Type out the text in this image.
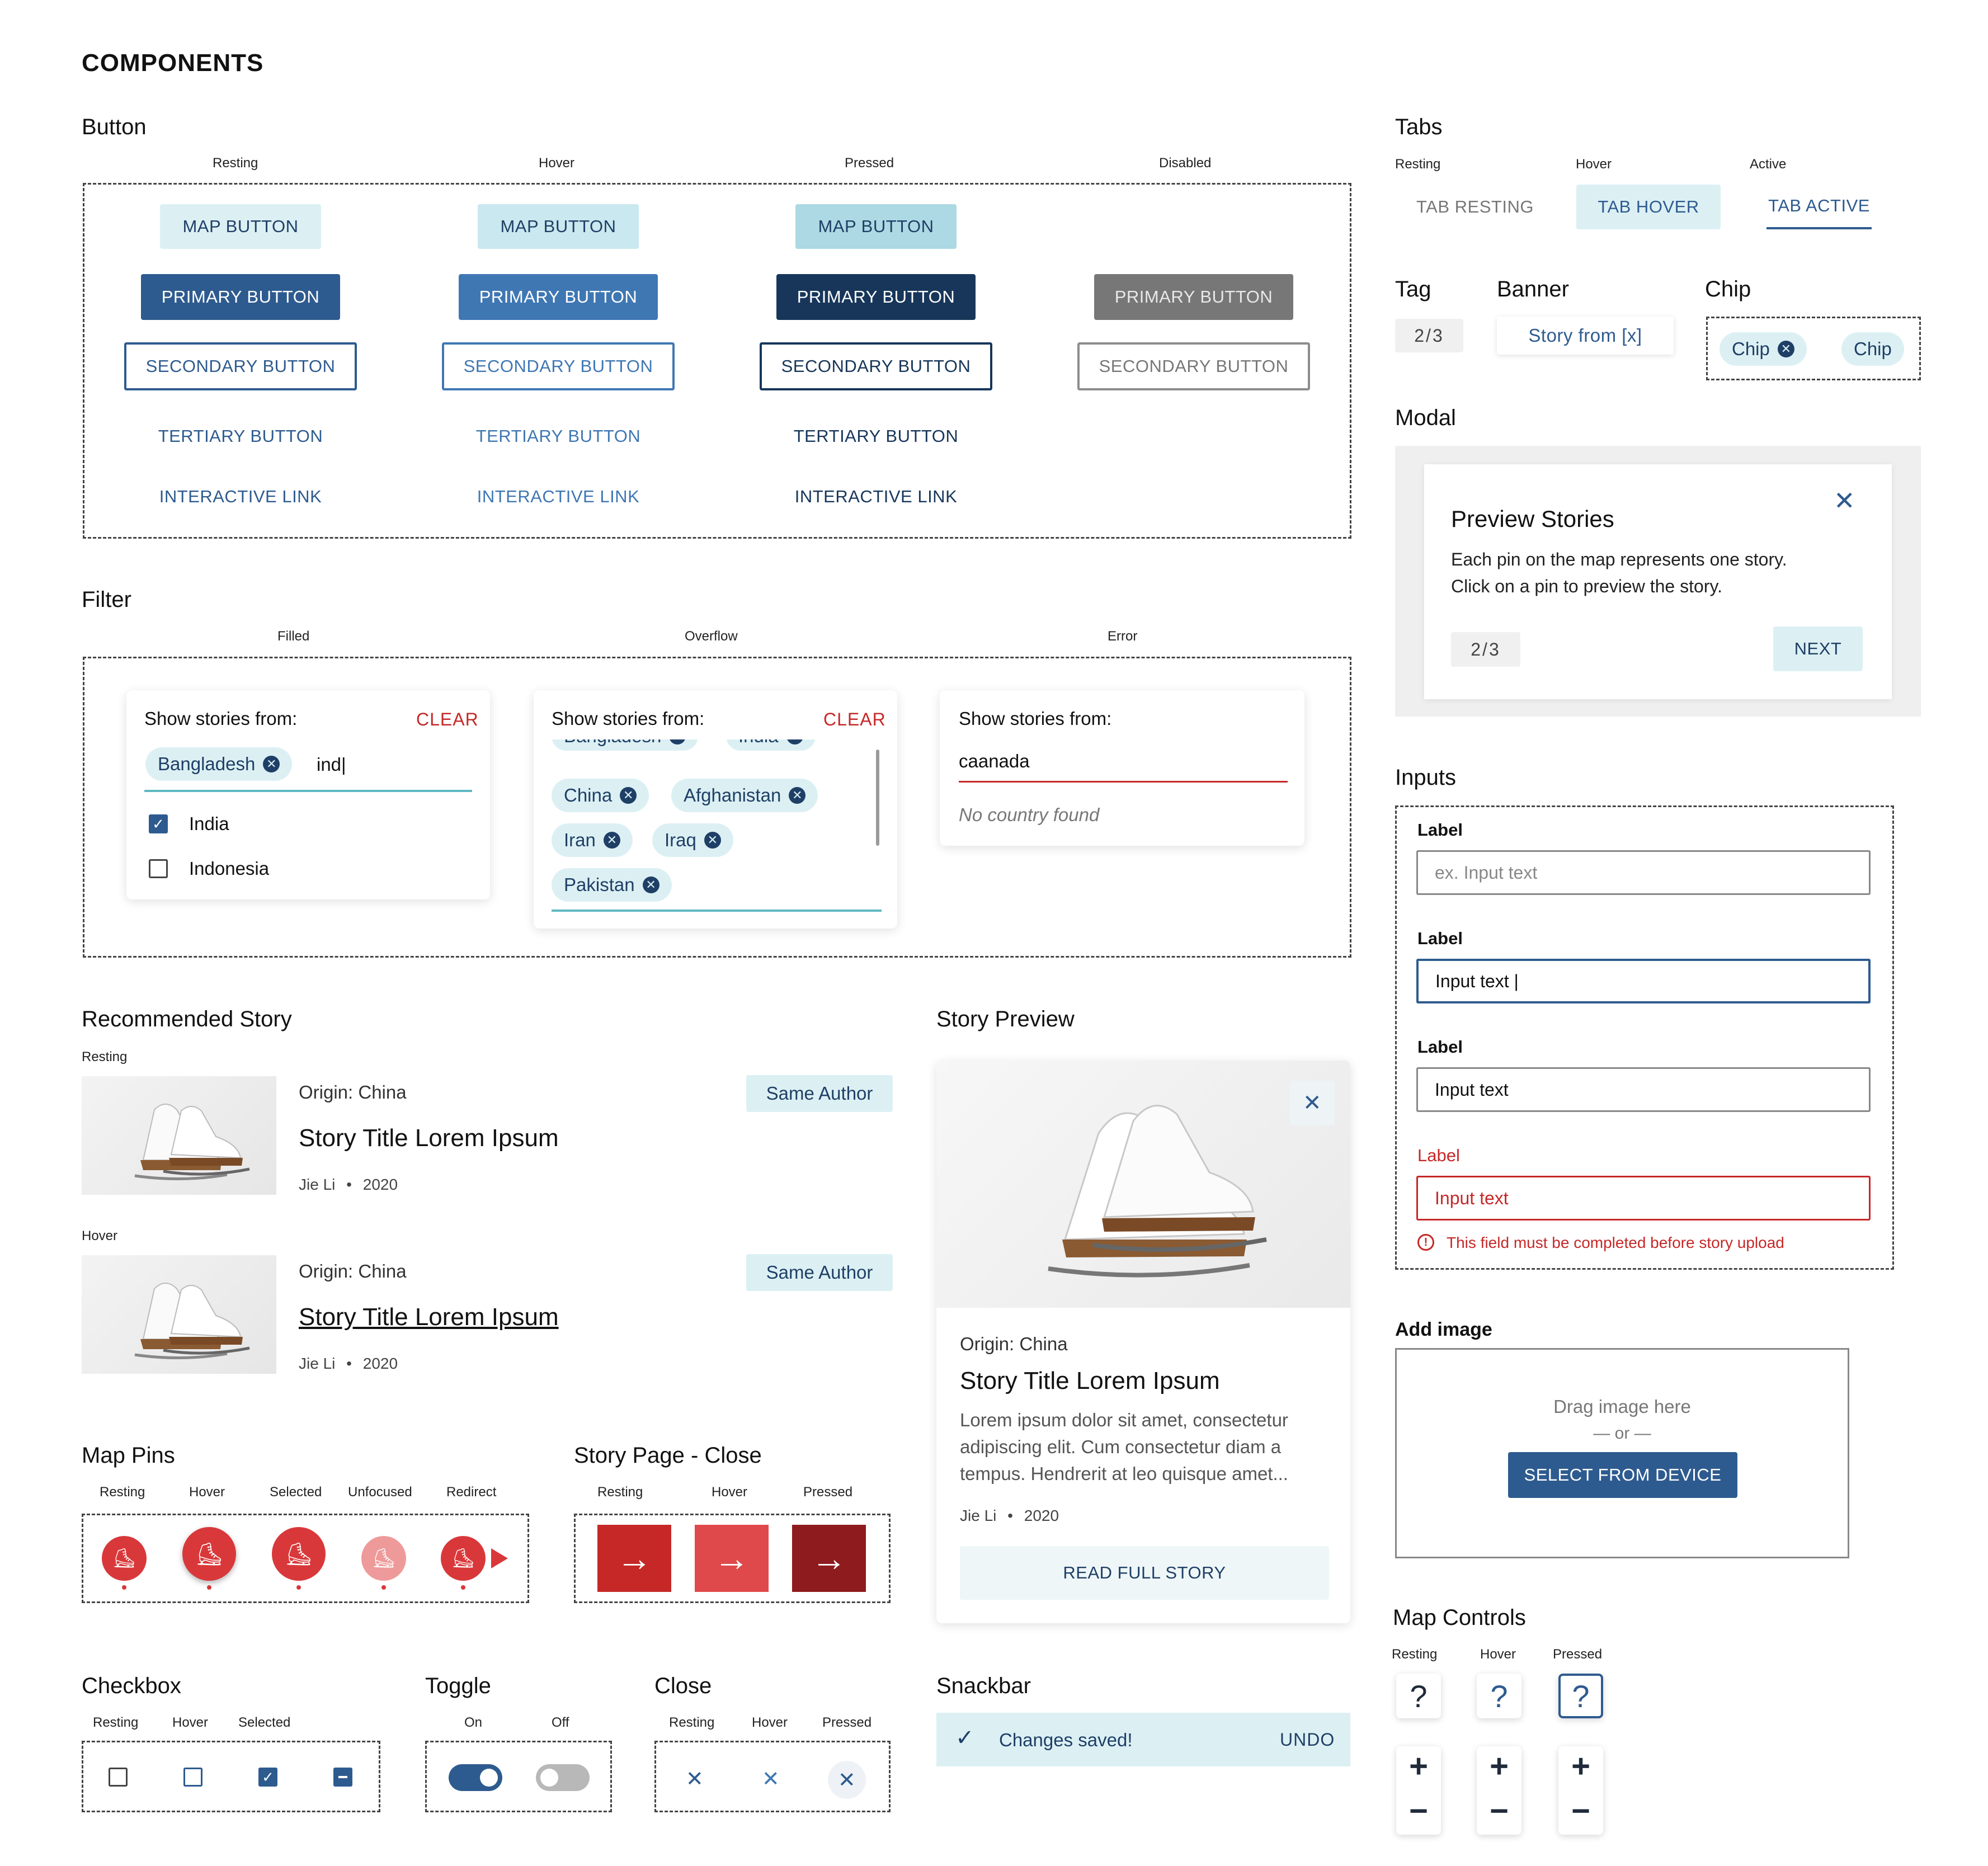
COMPONENTS
Button
Resting	Hover	Pressed	Disabled
MAP BUTTON	MAP BUTTON	MAP BUTTON
PRIMARY BUTTON	PRIMARY BUTTON	PRIMARY BUTTON	PRIMARY BUTTON
SECONDARY BUTTON	SECONDARY BUTTON	SECONDARY BUTTON	SECONDARY BUTTON
TERTIARY BUTTON	TERTIARY BUTTON	TERTIARY BUTTON
INTERACTIVE LINK	INTERACTIVE LINK	INTERACTIVE LINK
Tabs
Resting	Hover	Active
TAB RESTING	TAB HOVER	TAB ACTIVE
Tag
2/3
Banner
Story from [x]
Chip
Chip ✕	Chip
Modal
Preview Stories
✕
Each pin on the map represents one story.
Click on a pin to preview the story.
2/3	NEXT
Filter
Filled	Overflow	Error
Show stories from:	CLEAR
Bangladesh ✕ ind|
✓ India
Indonesia
Show stories from:	CLEAR
China ✕	Afghanistan ✕
Iran ✕	Iraq ✕
Pakistan ✕
Show stories from:
caanada
No country found
Inputs
Label
ex. Input text
Label
Input text |
Label
Input text
Label
Input text
!	This field must be completed before story upload
Add image
Drag image here
— or —
SELECT FROM DEVICE
Recommended Story
Resting
Origin: China	Same Author
Story Title Lorem Ipsum
Jie Li • 2020
Hover
Origin: China	Same Author
Story Title Lorem Ipsum
Jie Li • 2020
Story Preview
✕
Origin: China
Story Title Lorem Ipsum
Lorem ipsum dolor sit amet, consectetur
adipiscing elit. Cum consectetur diam a
tempus. Hendrerit at leo quisque amet...
Jie Li • 2020
READ FULL STORY
Map Pins
Resting	Hover	Selected Unfocused	Redirect
⛸	⛸	⛸	⛸	⛸
Story Page - Close
Resting	Hover	Pressed
→	→	→
Checkbox
Resting	Hover Selected
✓
Toggle
On	Off
Close
Resting	Hover	Pressed
✕	✕	✕
Snackbar
✓ Changes saved!	UNDO
Map Controls
Resting	Hover	Pressed
?	?	?
+
−
+
−
+
−
